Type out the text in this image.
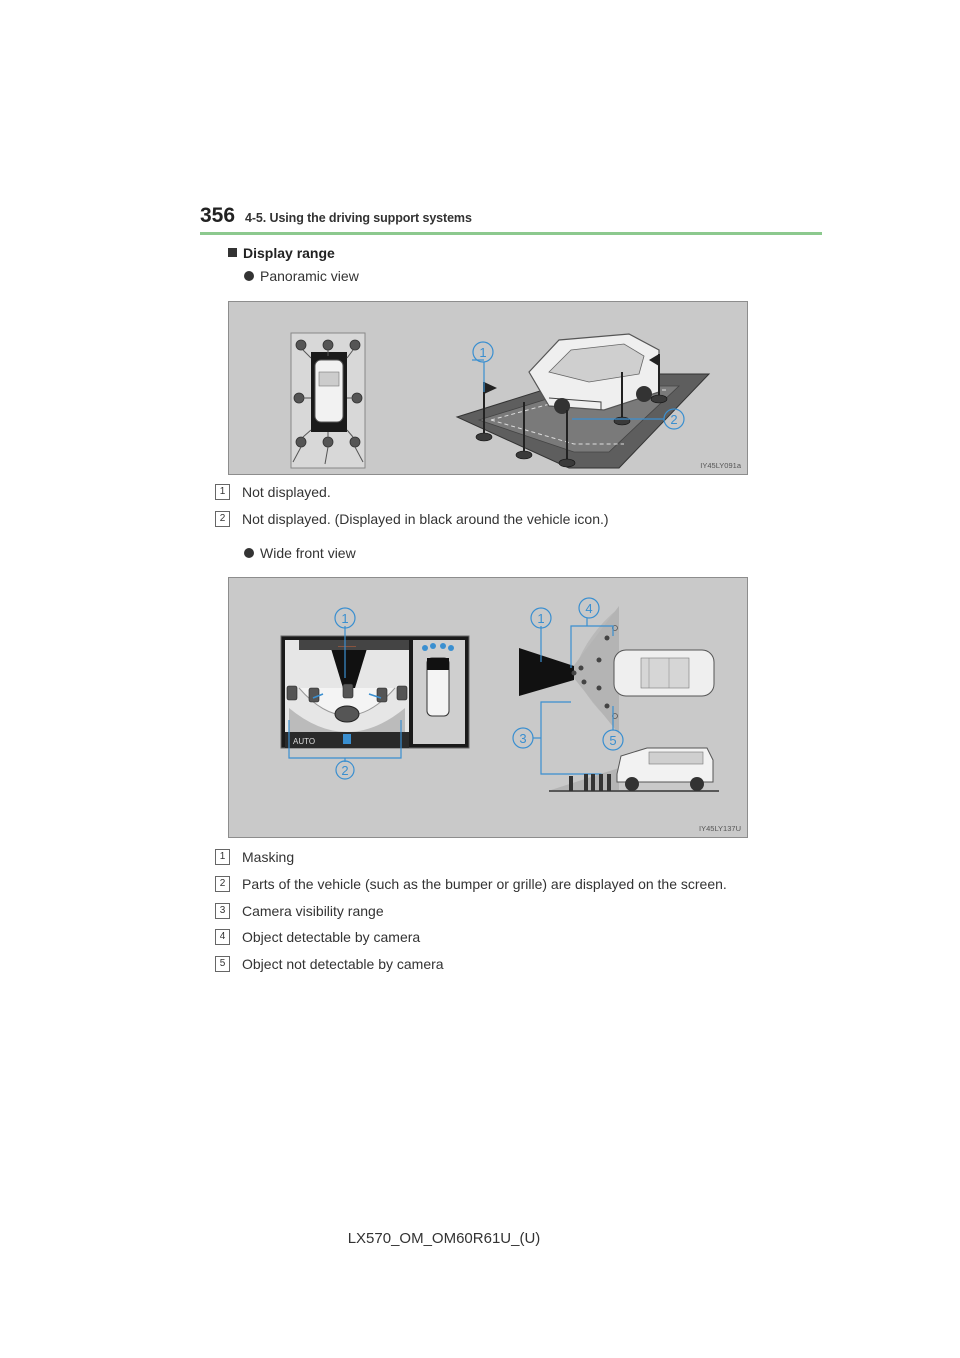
356 4-5. Using the driving support systems
Display range
Panoramic view
1
2
IY45LY091a
1	Not displayed.
2	Not displayed. (Displayed in black around the vehicle icon.)
Wide front view
———
AUTO
2
1	1
4
3	5
IY45LY137U
1	Masking
2	Parts of the vehicle (such as the bumper or grille) are displayed on the screen.
3	Camera visibility range
4	Object detectable by camera
5	Object not detectable by camera
LX570_OM_OM60R61U_(U)
